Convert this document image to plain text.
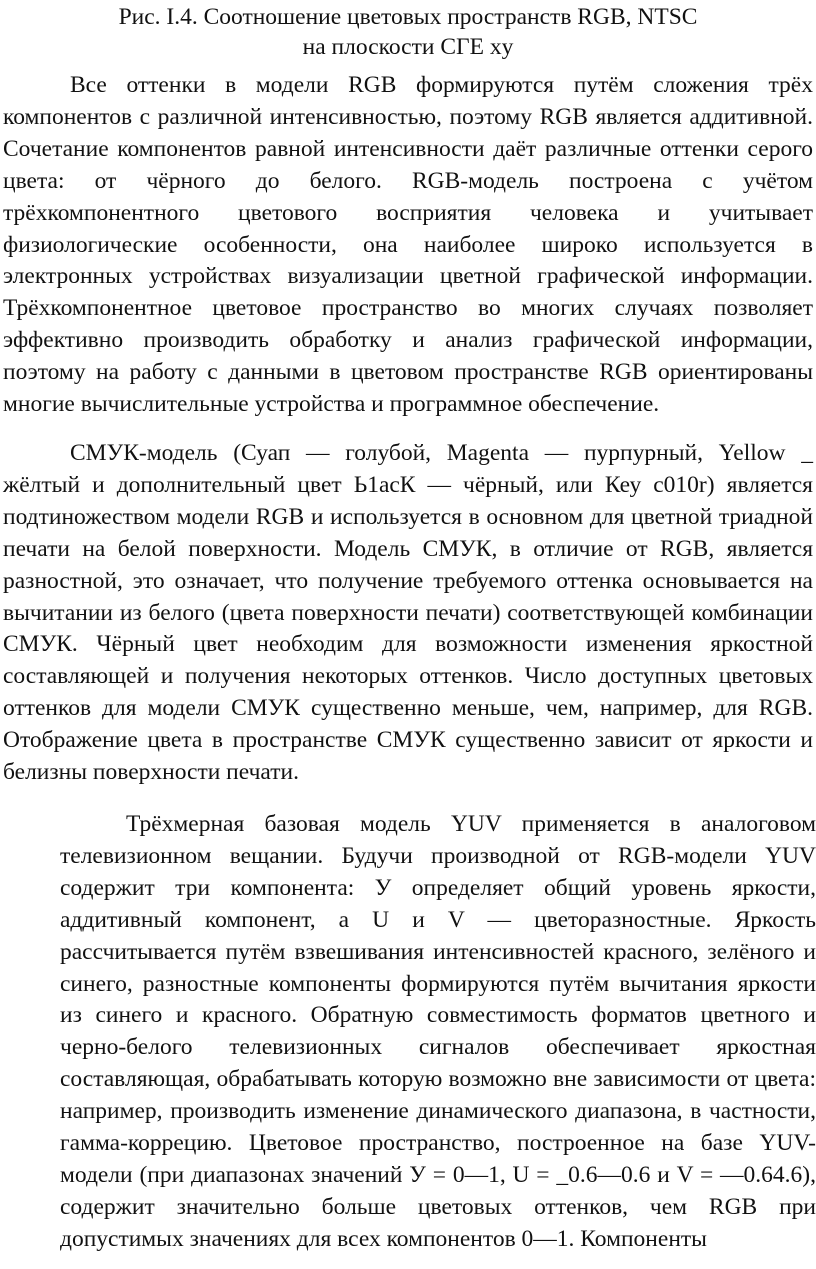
Рис. I.4. Соотношение цветовых пространств RGB, NTSC
на плоскости СГЕ xy

Все оттенки в модели RGB формируются путём сложения трёх компонентов с различной интенсивностью, поэтому RGB является аддитивной. Сочетание компонентов равной интенсивности даёт различные оттенки серого цвета: от чёрного до белого. RGB-модель построена с учётом трёхкомпонентного цветового восприятия человека и учитывает физиологические особенности, она наиболее широко используется в электронных устройствах визуализации цветной графической информации. Трёхкомпонентное цветовое пространство во многих случаях позволяет эффективно производить обработку и анализ графической информации, поэтому на работу с данными в цветовом пространстве RGB ориентированы многие вычислительные устройства и программное обеспечение.

СМУК-модель (Суап — голубой, Magenta — пурпурный, Yellow _ жёлтый и дополнительный цвет Ь1асК — чёрный, или Кеу с010r) является подтиножеством модели RGB и используется в основном для цветной триадной печати на белой поверхности. Модель СМУК, в отличие от RGB, является разностной, это означает, что получение требуемого оттенка основывается на вычитании из белого (цвета поверхности печати) соответствующей комбинации СМУК. Чёрный цвет необходим для возможности изменения яркостной составляющей и получения некоторых оттенков. Число доступных цветовых оттенков для модели СМУК существенно меньше, чем, например, для RGB. Отображение цвета в пространстве СМУК существенно зависит от яркости и белизны поверхности печати.

Трёхмерная базовая модель YUV применяется в аналоговом телевизионном вещании. Будучи производной от RGB-модели YUV содержит три компонента: У определяет общий уровень яркости, аддитивный компонент, а U и V — цветоразностные. Яркость рассчитывается путём взвешивания интенсивностей красного, зелёного и синего, разностные компоненты формируются путём вычитания яркости из синего и красного. Обратную совместимость форматов цветного и черно-белого телевизионных сигналов обеспечивает яркостная составляющая, обрабатывать которую возможно вне зависимости от цвета: например, производить изменение динамического диапазона, в частности, гамма-коррецию. Цветовое пространство, построенное на базе YUV-модели (при диапазонах значений У = 0—1, U = _0.6—0.6 и V = —0.64.6), содержит значительно больше цветовых оттенков, чем RGB при допустимых значениях для всех компонентов 0—1. Компоненты
